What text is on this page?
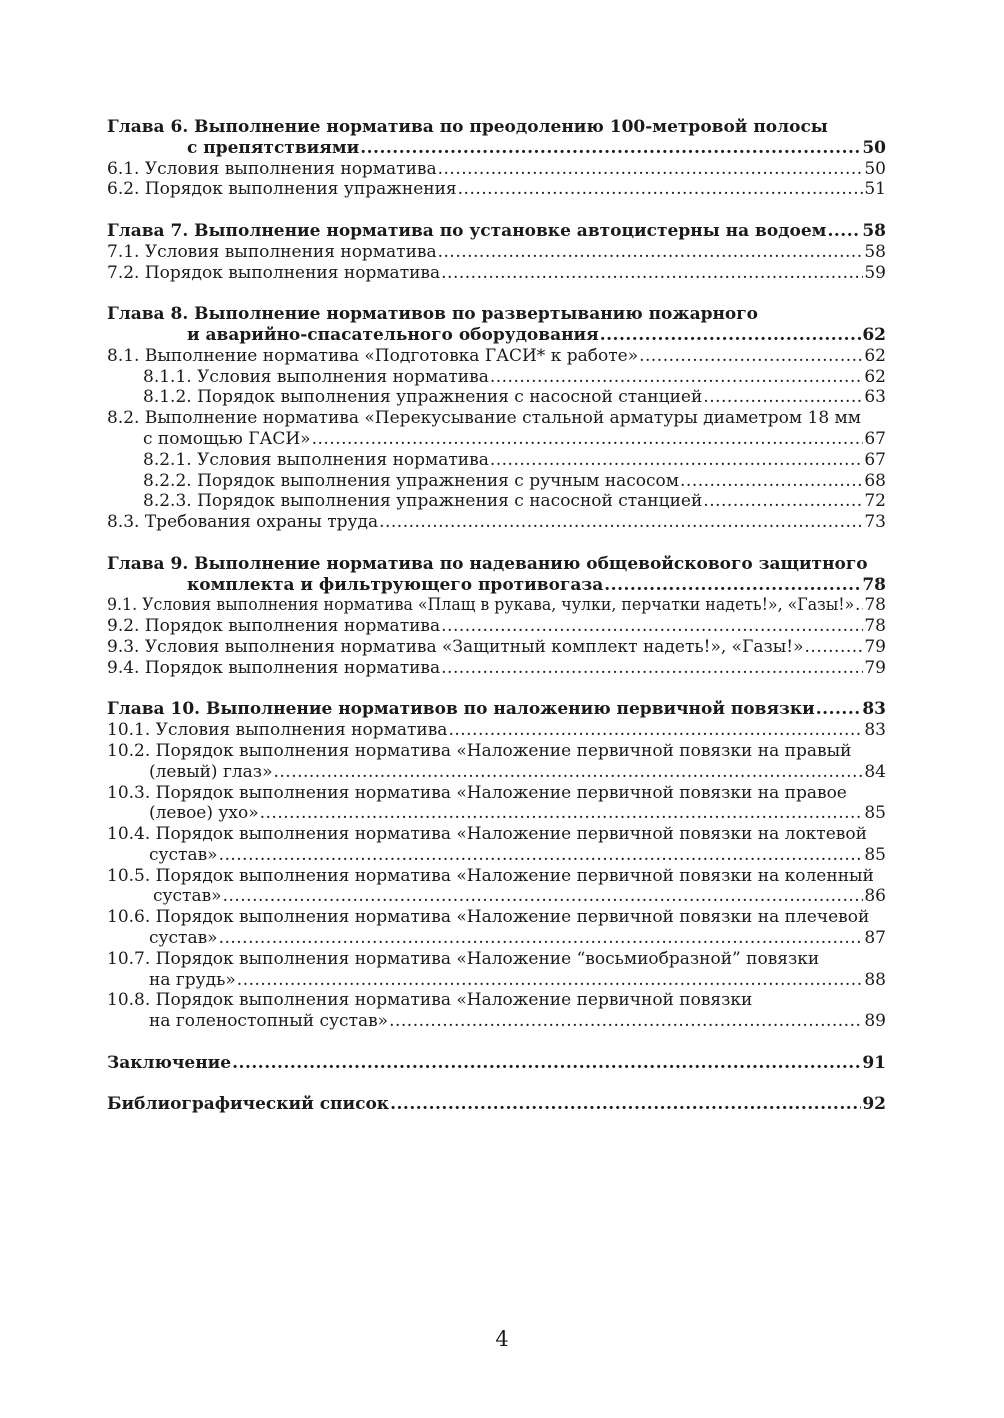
Глава 6. Выполнение норматива по преодолению 100-метровой полосы
с препятствиями .....	50
6.1. Условия выполнения норматива .....	50
6.2. Порядок выполнения упражнения .....	51
Глава 7. Выполнение норматива по установке автоцистерны на водоем ..... 58
7.1. Условия выполнения норматива .....	58
7.2. Порядок выполнения норматива .....	59
Глава 8. Выполнение нормативов по развертыванию пожарного
и аварийно-спасательного оборудования .....	62
8.1. Выполнение норматива «Подготовка ГАСИ* к работе» .....	62
8.1.1. Условия выполнения норматива .....	62
8.1.2. Порядок выполнения упражнения с насосной станцией .....	63
8.2. Выполнение норматива «Перекусывание стальной арматуры диаметром 18 мм
с помощью ГАСИ» .....	67
8.2.1. Условия выполнения норматива .....	67
8.2.2. Порядок выполнения упражнения с ручным насосом .....	68
8.2.3. Порядок выполнения упражнения с насосной станцией .....	72
8.3. Требования охраны труда .....	73
Глава 9. Выполнение норматива по надеванию общевойскового защитного
комплекта и фильтрующего противогаза .....	78
9.1. Условия выполнения норматива «Плащ в рукава, чулки, перчатки надеть!», «Газы!» ..... 78
9.2. Порядок выполнения норматива .....	78
9.3. Условия выполнения норматива «Защитный комплект надеть!», «Газы!» .....	79
9.4. Порядок выполнения норматива .....	79
Глава 10. Выполнение нормативов по наложению первичной повязки .....	83
10.1. Условия выполнения норматива .....	83
10.2. Порядок выполнения норматива «Наложение первичной повязки на правый
(левый) глаз» .....	84
10.3. Порядок выполнения норматива «Наложение первичной повязки на правое
(левое) ухо» .....	85
10.4. Порядок выполнения норматива «Наложение первичной повязки на локтевой
сустав» .....	85
10.5. Порядок выполнения норматива «Наложение первичной повязки на коленный
сустав» .....	86
10.6. Порядок выполнения норматива «Наложение первичной повязки на плечевой
сустав» .....	87
10.7. Порядок выполнения норматива «Наложение “восьмиобразной” повязки
на грудь» .....	88
10.8. Порядок выполнения норматива «Наложение первичной повязки
на голеностопный сустав» .....	89
Заключение .....	91
Библиографический список .....	92
4
